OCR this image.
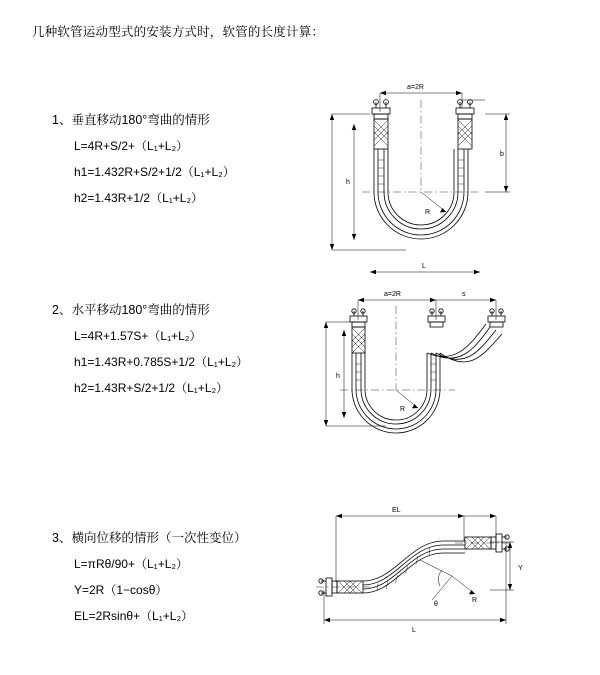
几种软管运动型式的安装方式时，软管的长度计算：
1、垂直移动180°弯曲的情形
L=4R+S/2+（L₁+L₂）
h1=1.432R+S/2+1/2（L₁+L₂）
h2=1.43R+1/2（L₁+L₂）
a=2R
R
L
h
b
2、水平移动180°弯曲的情形
L=4R+1.57S+（L₁+L₂）
h1=1.43R+0.785S+1/2（L₁+L₂）
h2=1.43R+S/2+1/2（L₁+L₂）
a=2R	s
R
h
3、横向位移的情形（一次性变位）
L=πRθ/90+（L₁+L₂）
Y=2R（1−cosθ）
EL=2Rsinθ+（L₁+L₂）
EL
L
Y
θ
R
